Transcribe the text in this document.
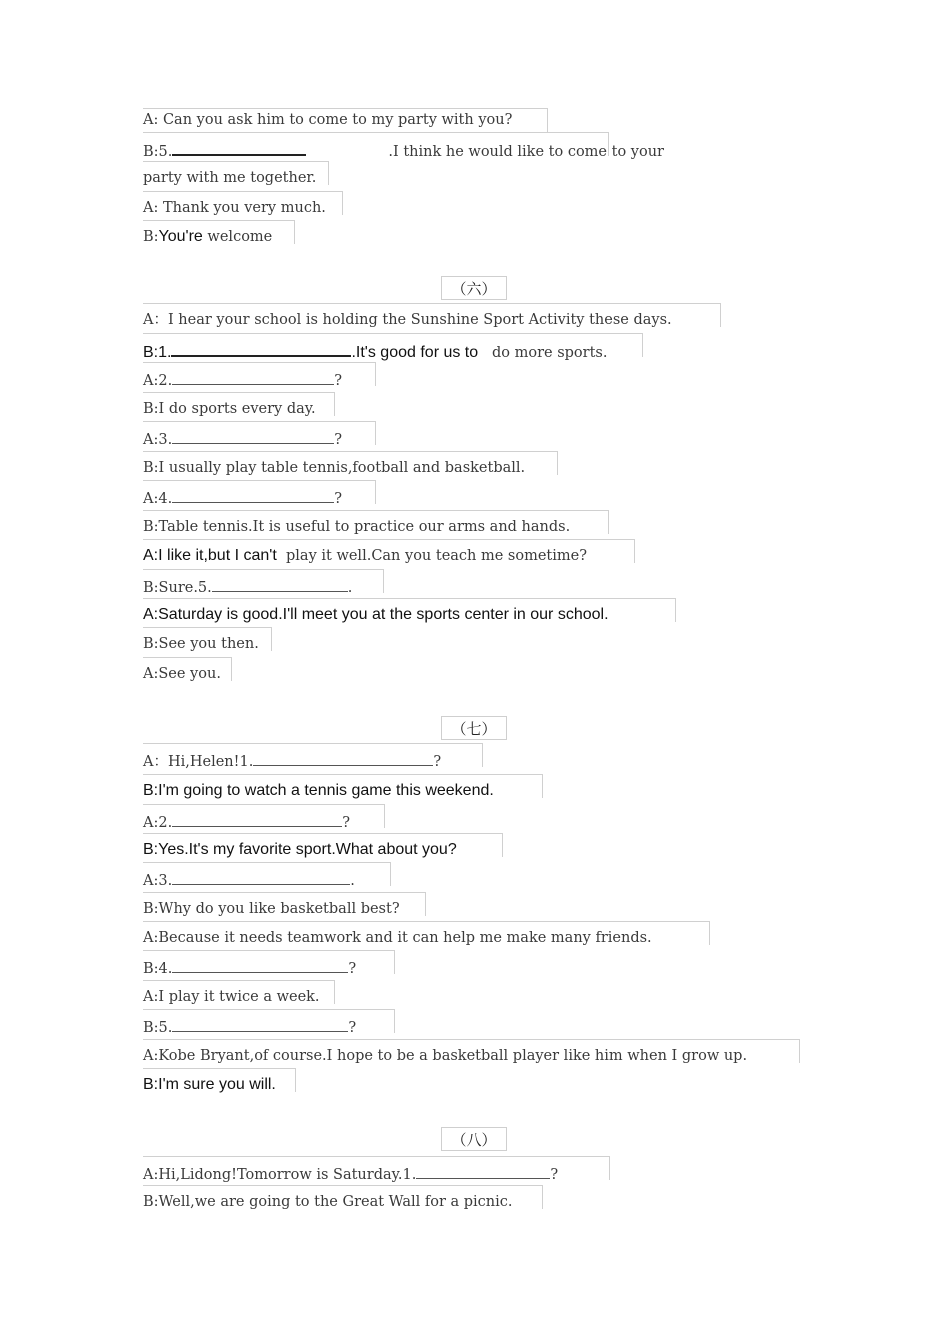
A: Can you ask him to come to my party with you?
B:5.	.I think he would like to come to your
party with me together.
A: Thank you very much.
B:You're welcome
（六）
A：I hear your school is holding the Sunshine Sport Activity these days.
B:1.	.It's good for us to   do more sports.
A:2.	?
B:I do sports every day.
A:3.	?
B:I usually play table tennis,football and basketball.
A:4.	?
B:Table tennis.It is useful to practice our arms and hands.
A:I like it,but I can't  play it well.Can you teach me sometime?
B:Sure.5.	.
A:Saturday is good.I'll meet you at the sports center in our school.
B:See you then.
A:See you.
（七）
A：Hi,Helen!1.	?
B:I'm going to watch a tennis game this weekend.
A:2.	?
B:Yes.It's my favorite sport.What about you?
A:3.	.
B:Why do you like basketball best?
A:Because it needs teamwork and it can help me make many friends.
B:4.	?
A:I play it twice a week.
B:5.	?
A:Kobe Bryant,of course.I hope to be a basketball player like him when I grow up.
B:I'm sure you will.
（八）
A:Hi,Lidong!Tomorrow is Saturday.1.	?
B:Well,we are going to the Great Wall for a picnic.
